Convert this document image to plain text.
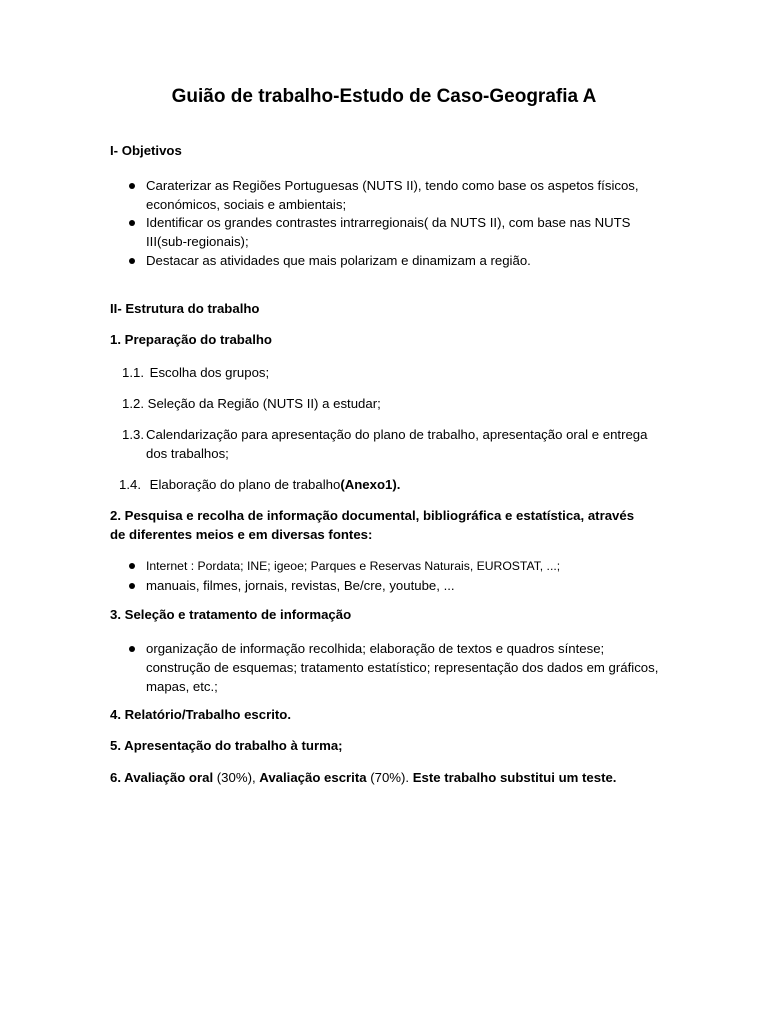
Guião de trabalho-Estudo de Caso-Geografia A
I- Objetivos
Caraterizar as Regiões Portuguesas (NUTS II), tendo como base os aspetos físicos, económicos, sociais e ambientais;
Identificar os grandes contrastes intrarregionais( da NUTS II), com base nas NUTS III(sub-regionais);
Destacar as atividades que mais polarizam e dinamizam a região.
II- Estrutura do trabalho
1. Preparação do trabalho
1.1. Escolha dos grupos;
1.2. Seleção da Região (NUTS II) a estudar;
1.3. Calendarização para apresentação do plano de trabalho, apresentação oral e entrega dos trabalhos;
1.4. Elaboração do plano de trabalho(Anexo1).
2. Pesquisa e recolha de informação documental, bibliográfica e estatística, através de diferentes meios e em diversas fontes:
Internet : Pordata; INE; igeoe; Parques e Reservas Naturais, EUROSTAT, ...;
manuais, filmes, jornais, revistas, Be/cre, youtube, ...
3. Seleção e tratamento de informação
organização de informação recolhida; elaboração de textos e quadros síntese; construção de esquemas; tratamento estatístico; representação dos dados em gráficos, mapas, etc.;
4. Relatório/Trabalho escrito.
5. Apresentação do trabalho à turma;
6. Avaliação oral (30%), Avaliação escrita (70%). Este trabalho substitui um teste.
